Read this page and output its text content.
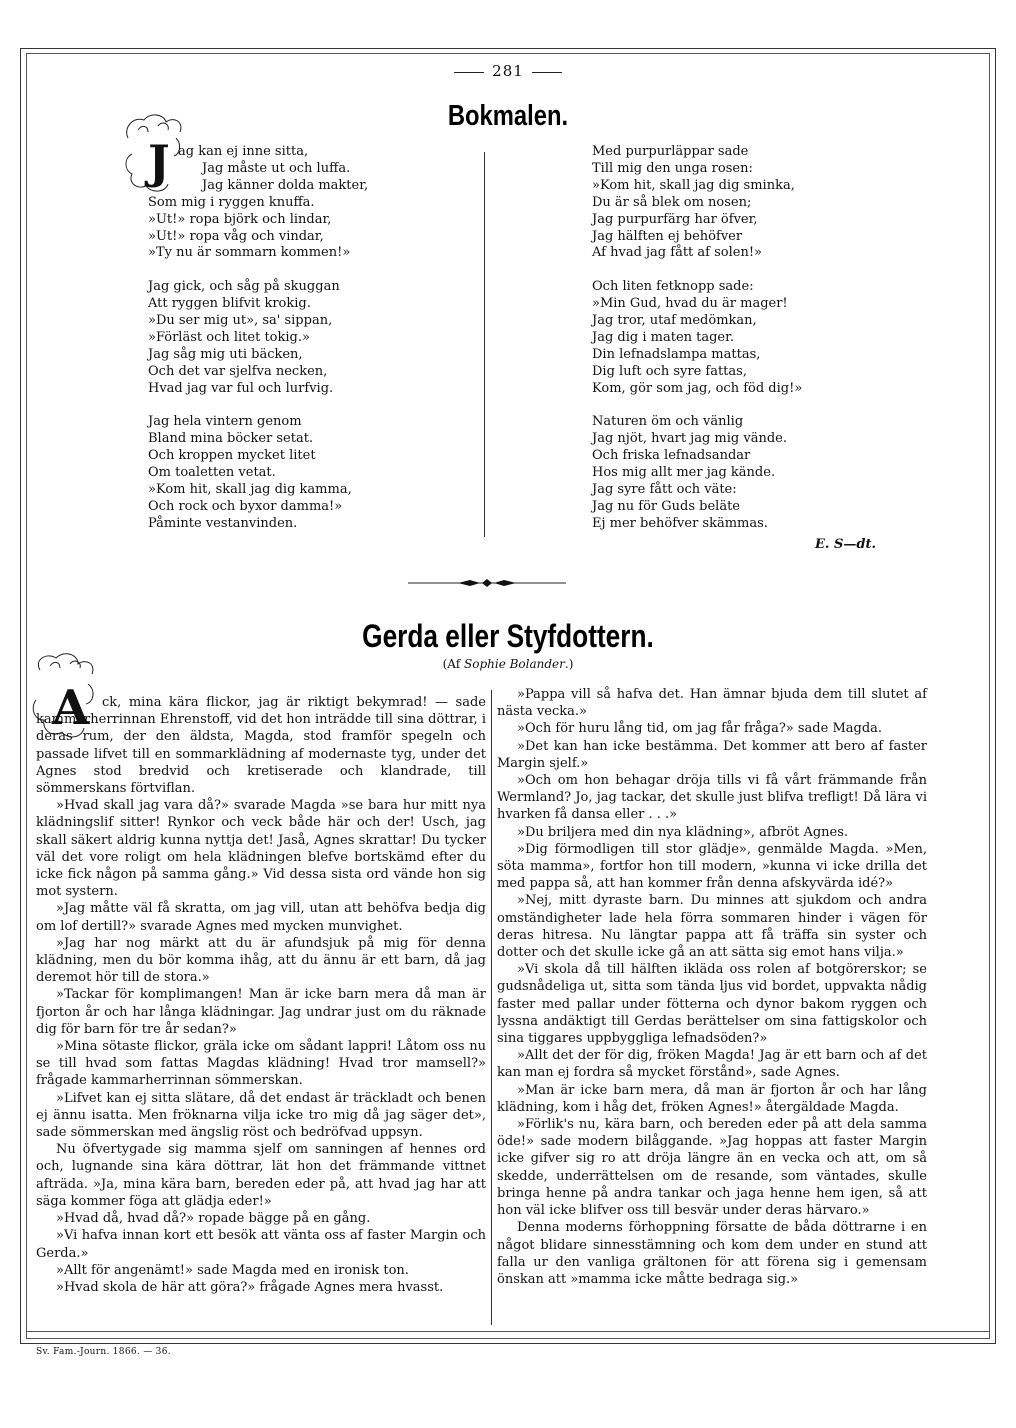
281
Bokmalen.
J ag kan ej inne sitta,
Jag måste ut och luffa.
Jag känner dolda makter,
Som mig i ryggen knuffa.
»Ut!» ropa björk och lindar,
»Ut!» ropa våg och vindar,
»Ty nu är sommarn kommen!»
Jag gick, och såg på skuggan
Att ryggen blifvit krokig.
»Du ser mig ut», sa' sippan,
»Förläst och litet tokig.»
Jag såg mig uti bäcken,
Och det var sjelfva necken,
Hvad jag var ful och lurfvig.
Jag hela vintern genom
Bland mina böcker setat.
Och kroppen mycket litet
Om toaletten vetat.
»Kom hit, skall jag dig kamma,
Och rock och byxor damma!»
Påminte vestanvinden.
Med purpurläppar sade
Till mig den unga rosen:
»Kom hit, skall jag dig sminka,
Du är så blek om nosen;
Jag purpurfärg har öfver,
Jag hälften ej behöfver
Af hvad jag fått af solen!»
Och liten fetknopp sade:
»Min Gud, hvad du är mager!
Jag tror, utaf medömkan,
Jag dig i maten tager.
Din lefnadslampa mattas,
Dig luft och syre fattas,
Kom, gör som jag, och föd dig!»
Naturen öm och vänlig
Jag njöt, hvart jag mig vände.
Och friska lefnadsandar
Hos mig allt mer jag kände.
Jag syre fått och väte:
Jag nu för Guds beläte
Ej mer behöfver skämmas.
E. S—dt.
Gerda eller Styfdottern.
(Af Sophie Bolander.)
A ck, mina kära flickor, jag är riktigt bekymrad! — sade kammarherrinnan Ehrenstoff, vid det hon inträdde till sina döttrar, i deras rum, der den äldsta, Magda, stod framför spegeln och passade lifvet till en sommarklädning af modernaste tyg, under det Agnes stod bredvid och kretiserade och klandrade, till sömmerskans förtviflan.

»Hvad skall jag vara då?» svarade Magda »se bara hur mitt nya klädningslif sitter! Rynkor och veck både här och der! Usch, jag skall säkert aldrig kunna nyttja det! Jaså, Agnes skrattar! Du tycker väl det vore roligt om hela klädningen blefve bortskämd efter du icke fick någon på samma gång.» Vid dessa sista ord vände hon sig mot systern.

»Jag måtte väl få skratta, om jag vill, utan att behöfva bedja dig om lof dertill?» svarade Agnes med mycken munvighet.

»Jag har nog märkt att du är afundsjuk på mig för denna klädning, men du bör komma ihåg, att du ännu är ett barn, då jag deremot hör till de stora.»

»Tackar för komplimangen! Man är icke barn mera då man är fjorton år och har långa klädningar. Jag undrar just om du räknade dig för barn för tre år sedan?»

»Mina sötaste flickor, gräla icke om sådant lappri! Låtom oss nu se till hvad som fattas Magdas klädning! Hvad tror mamsell?» frågade kammarherrinnan sömmerskan.

»Lifvet kan ej sitta slätare, då det endast är träckladt och benen ej ännu isatta. Men fröknarna vilja icke tro mig då jag säger det», sade sömmerskan med ängslig röst och bedröfvad uppsyn.

Nu öfvertygade sig mamma sjelf om sanningen af hennes ord och, lugnande sina kära döttrar, lät hon det främmande vittnet afträda. »Ja, mina kära barn, bereden eder på, att hvad jag har att säga kommer föga att glädja eder!»

»Hvad då, hvad då?» ropade bägge på en gång.

»Vi hafva innan kort ett besök att vänta oss af faster Margin och Gerda.»

»Allt för angenämt!» sade Magda med en ironisk ton.

»Hvad skola de här att göra?» frågade Agnes mera hvasst.

»Pappa vill så hafva det. Han ämnar bjuda dem till slutet af nästa vecka.»

»Och för huru lång tid, om jag får fråga?» sade Magda.

»Det kan han icke bestämma. Det kommer att bero af faster Margin sjelf.»

»Och om hon behagar dröja tills vi få vårt främmande från Wermland? Jo, jag tackar, det skulle just blifva trefligt! Då lära vi hvarken få dansa eller . . .»

»Du briljera med din nya klädning», afbröt Agnes.

»Dig förmodligen till stor glädje», genmälde Magda. »Men, söta mamma», fortfor hon till modern, »kunna vi icke drilla det med pappa så, att han kommer från denna afskyvärda idé?»

»Nej, mitt dyraste barn. Du minnes att sjukdom och andra omständigheter lade hela förra sommaren hinder i vägen för deras hitresa. Nu längtar pappa att få träffa sin syster och dotter och det skulle icke gå an att sätta sig emot hans vilja.»

»Vi skola då till hälften ikläda oss rolen af botgörerskor; se gudsnådeliga ut, sitta som tända ljus vid bordet, uppvakta nådig faster med pallar under fötterna och dynor bakom ryggen och lyssna andäktigt till Gerdas berättelser om sina fattigskolor och sina tiggares uppbyggliga lefnadsöden?»

»Allt det der för dig, fröken Magda! Jag är ett barn och af det kan man ej fordra så mycket förstånd», sade Agnes.

»Man är icke barn mera, då man är fjorton år och har lång klädning, kom i håg det, fröken Agnes!» återgäldade Magda.

»Förlik's nu, kära barn, och bereden eder på att dela samma öde!» sade modern bilåggande. »Jag hoppas att faster Margin icke gifver sig ro att dröja längre än en vecka och att, om så skedde, underrättelsen om de resande, som väntades, skulle bringa henne på andra tankar och jaga henne hem igen, så att hon väl icke blifver oss till besvär under deras härvaro.»

Denna moderns förhoppning försatte de båda döttrarne i en något blidare sinnesstämning och kom dem under en stund att falla ur den vanliga grältonen för att förena sig i gemensam önskan att »mamma icke måtte bedraga sig.»

Sv. Fam.-Journ. 1866. — 36.
